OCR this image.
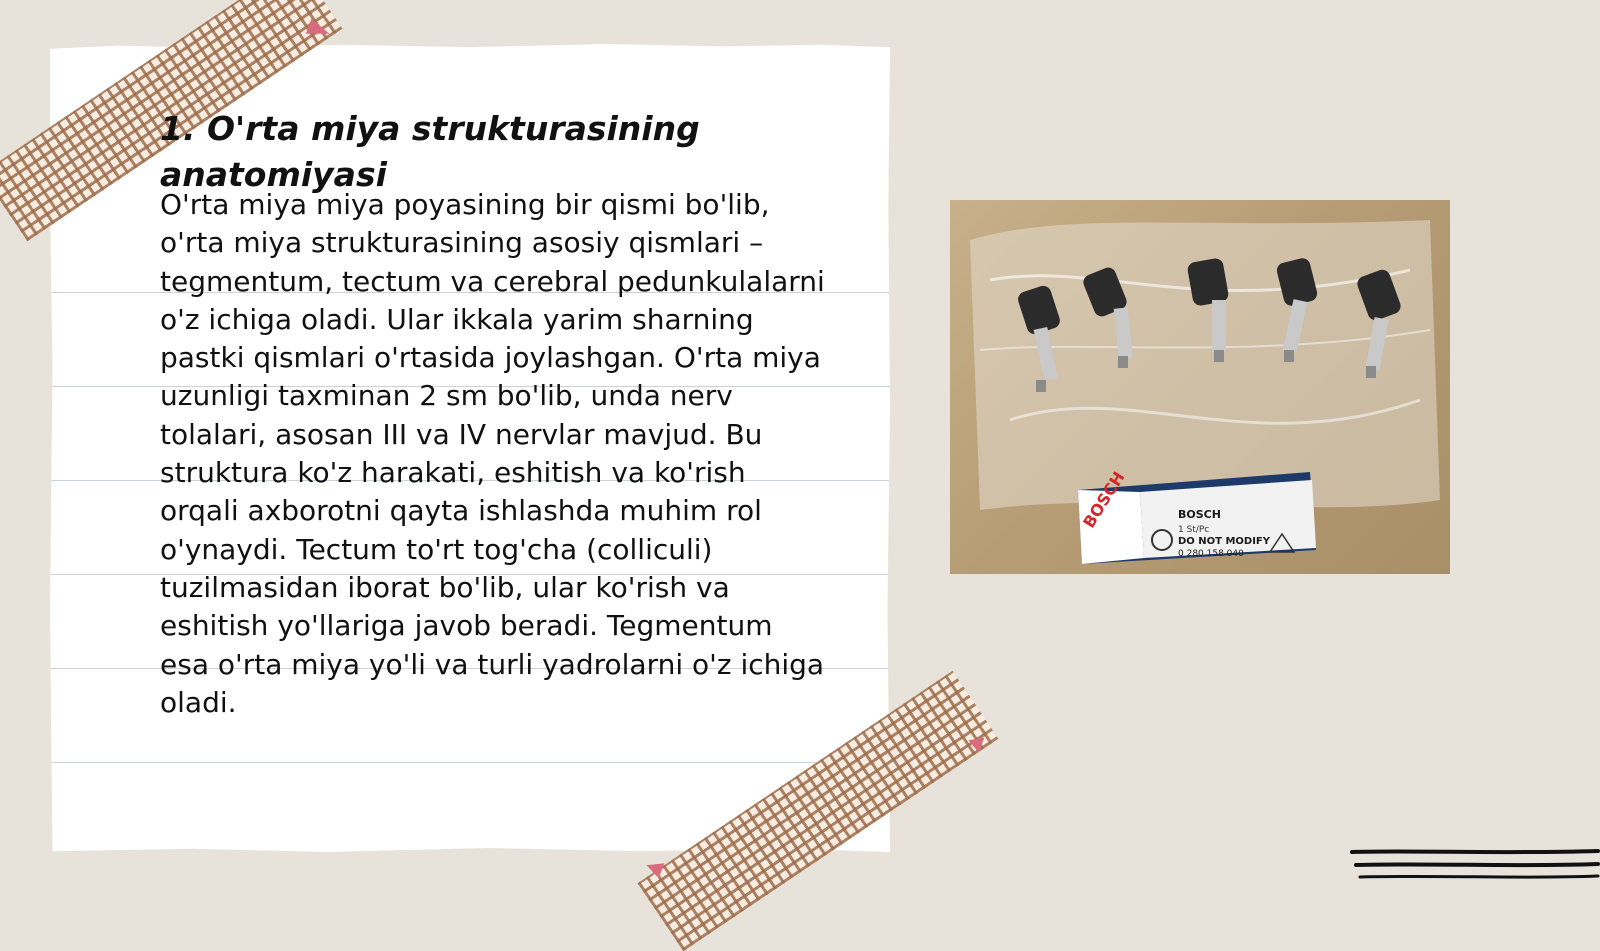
1. O'rta miya strukturasining anatomiyasi

O'rta miya miya poyasining bir qismi bo'lib, o'rta miya strukturasining asosiy qismlari – tegmentum, tectum va cerebral pedunkulalarni o'z ichiga oladi. Ular ikkala yarim sharning pastki qismlari o'rtasida joylashgan. O'rta miya uzunligi taxminan 2 sm bo'lib, unda nerv tolalari, asosan III va IV nervlar mavjud. Bu struktura ko'z harakati, eshitish va ko'rish orqali axborotni qayta ishlashda muhim rol o'ynaydi. Tectum to'rt tog'cha (colliculi) tuzilmasidan iborat bo'lib, ular ko'rish va eshitish yo'llariga javob beradi. Tegmentum esa o'rta miya yo'li va turli yadrolarni o'z ichiga oladi.

BOSCH	BOSCH
1 St/Pc
DO NOT MODIFY
0 280 158 040
